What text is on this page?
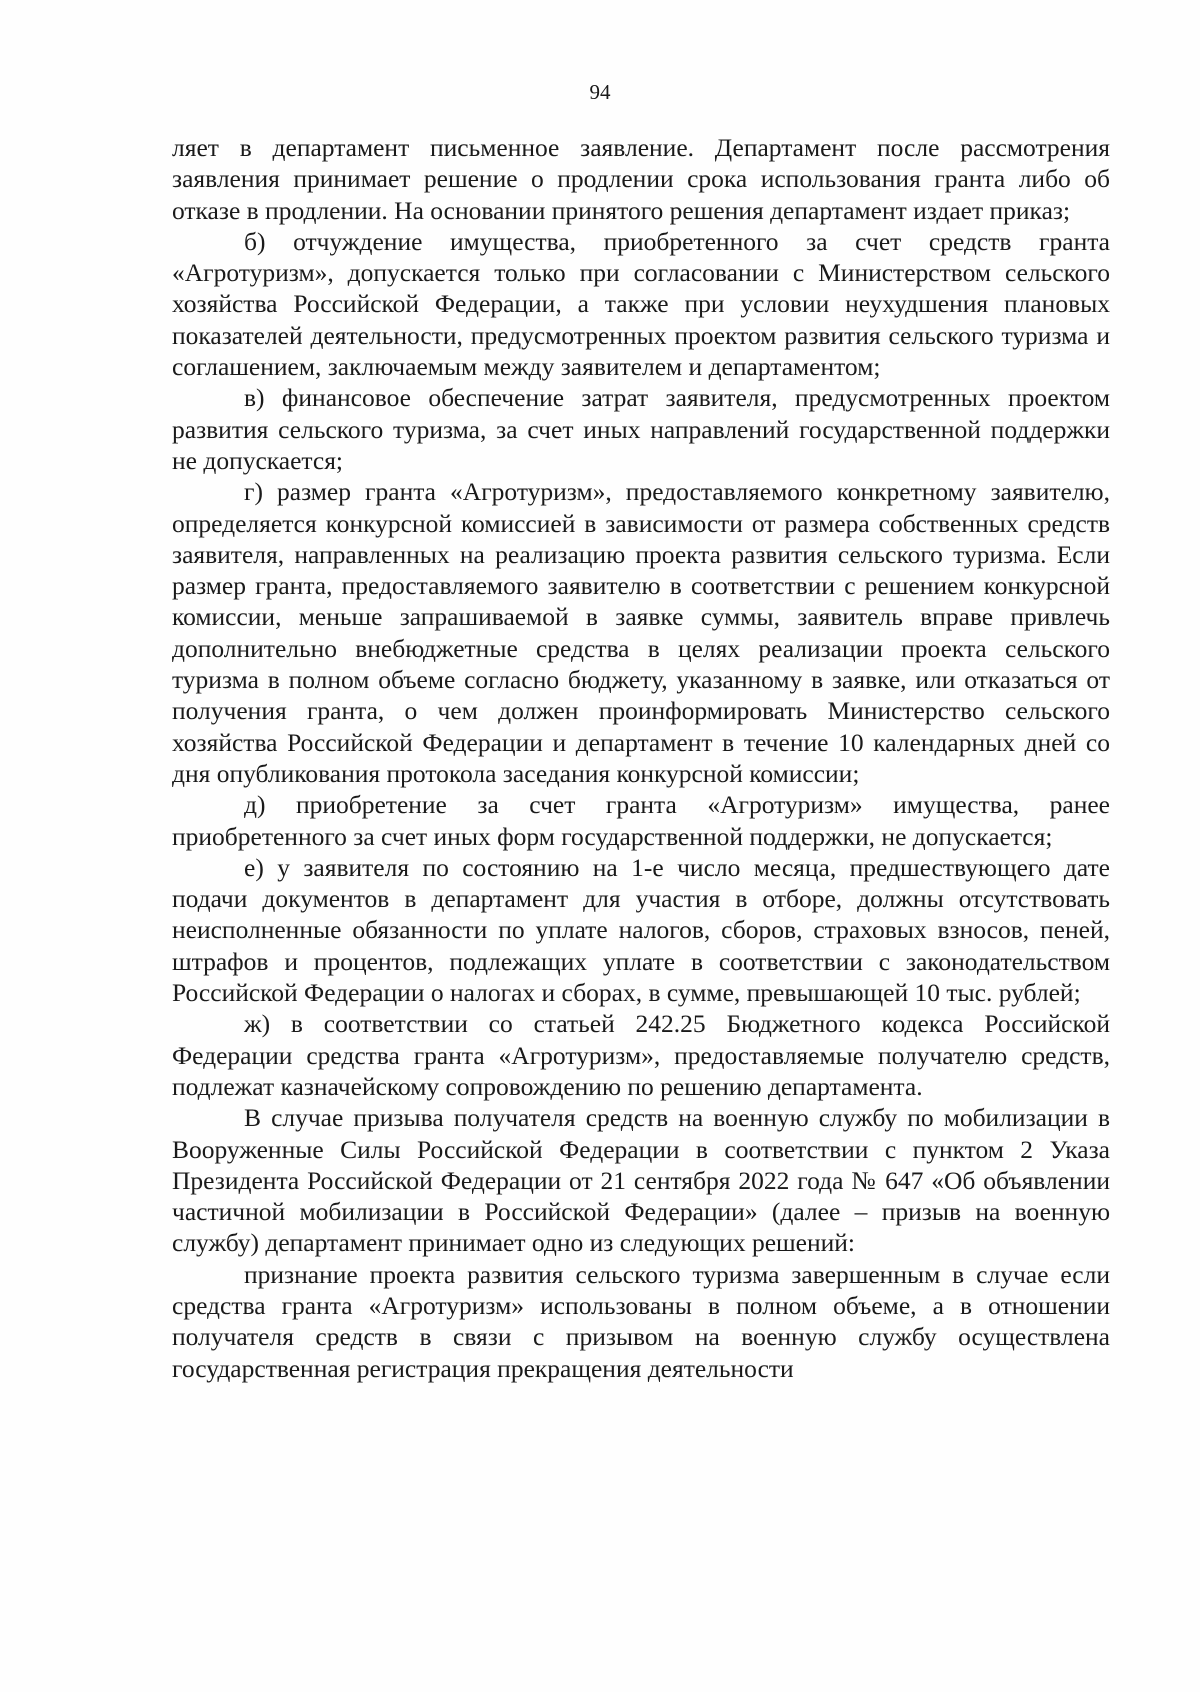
94

ляет в департамент письменное заявление. Департамент после рассмотрения заявления принимает решение о продлении срока использования гранта либо об отказе в продлении. На основании принятого решения департамент издает приказ;

б) отчуждение имущества, приобретенного за счет средств гранта «Агротуризм», допускается только при согласовании с Министерством сельского хозяйства Российской Федерации, а также при условии неухудшения плановых показателей деятельности, предусмотренных проектом развития сельского туризма и соглашением, заключаемым между заявителем и департаментом;

в) финансовое обеспечение затрат заявителя, предусмотренных проектом развития сельского туризма, за счет иных направлений государственной поддержки не допускается;

г) размер гранта «Агротуризм», предоставляемого конкретному заявителю, определяется конкурсной комиссией в зависимости от размера собственных средств заявителя, направленных на реализацию проекта развития сельского туризма. Если размер гранта, предоставляемого заявителю в соответствии с решением конкурсной комиссии, меньше запрашиваемой в заявке суммы, заявитель вправе привлечь дополнительно внебюджетные средства в целях реализации проекта сельского туризма в полном объеме согласно бюджету, указанному в заявке, или отказаться от получения гранта, о чем должен проинформировать Министерство сельского хозяйства Российской Федерации и департамент в течение 10 календарных дней со дня опубликования протокола заседания конкурсной комиссии;

д) приобретение за счет гранта «Агротуризм» имущества, ранее приобретенного за счет иных форм государственной поддержки, не допускается;

е) у заявителя по состоянию на 1-е число месяца, предшествующего дате подачи документов в департамент для участия в отборе, должны отсутствовать неисполненные обязанности по уплате налогов, сборов, страховых взносов, пеней, штрафов и процентов, подлежащих уплате в соответствии с законодательством Российской Федерации о налогах и сборах, в сумме, превышающей 10 тыс. рублей;

ж) в соответствии со статьей 242.25 Бюджетного кодекса Российской Федерации средства гранта «Агротуризм», предоставляемые получателю средств, подлежат казначейскому сопровождению по решению департамента.

В случае призыва получателя средств на военную службу по мобилизации в Вооруженные Силы Российской Федерации в соответствии с пунктом 2 Указа Президента Российской Федерации от 21 сентября 2022 года № 647 «Об объявлении частичной мобилизации в Российской Федерации» (далее – призыв на военную службу) департамент принимает одно из следующих решений:

признание проекта развития сельского туризма завершенным в случае если средства гранта «Агротуризм» использованы в полном объеме, а в отношении получателя средств в связи с призывом на военную службу осуществлена государственная регистрация прекращения деятельности
